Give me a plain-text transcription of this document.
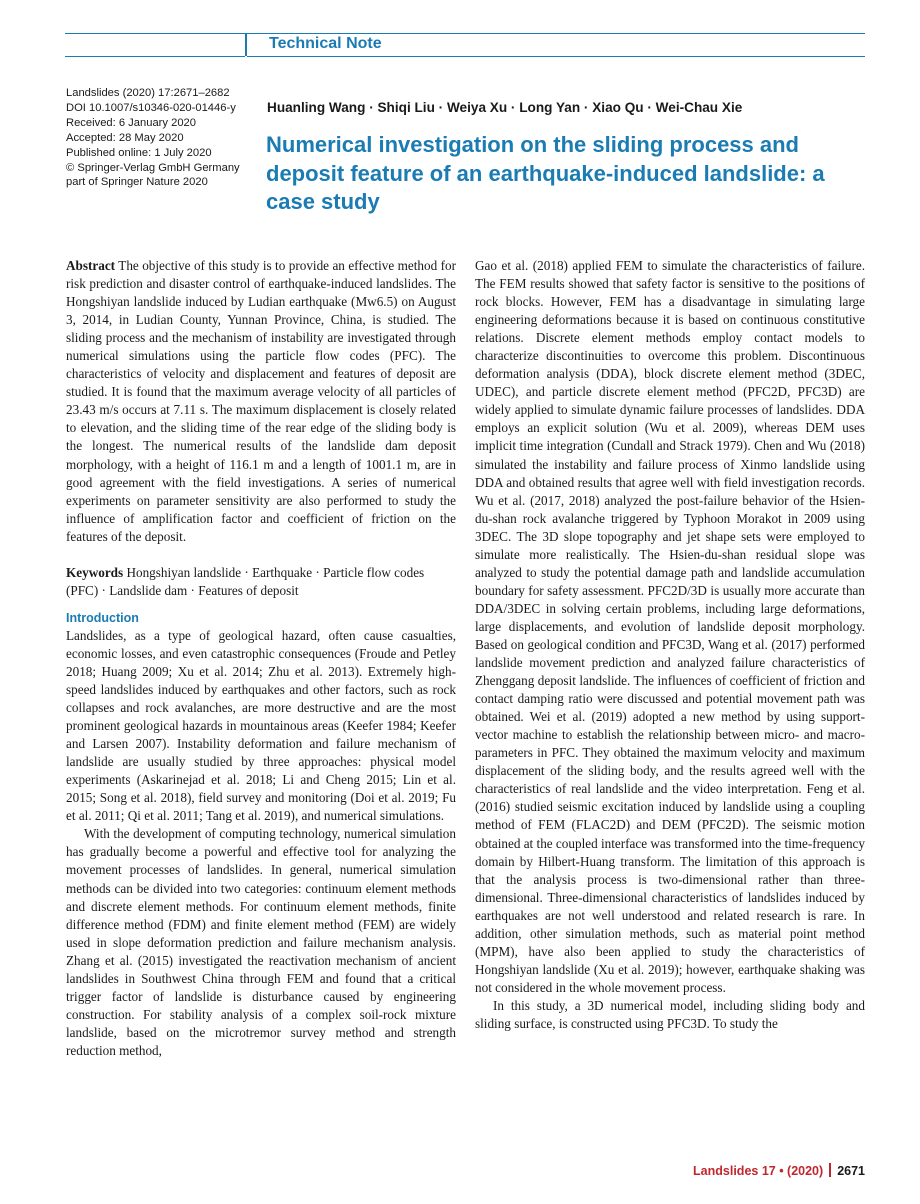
Technical Note
Landslides (2020) 17:2671–2682
DOI 10.1007/s10346-020-01446-y
Received: 6 January 2020
Accepted: 28 May 2020
Published online: 1 July 2020
© Springer-Verlag GmbH Germany
part of Springer Nature 2020
Huanling Wang · Shiqi Liu · Weiya Xu · Long Yan · Xiao Qu · Wei-Chau Xie
Numerical investigation on the sliding process and deposit feature of an earthquake-induced landslide: a case study

Abstract The objective of this study is to provide an effective method for risk prediction and disaster control of earthquake-induced landslides. The Hongshiyan landslide induced by Ludian earthquake (Mw6.5) on August 3, 2014, in Ludian County, Yunnan Province, China, is studied. The sliding process and the mechanism of instability are investigated through numerical simulations using the particle flow codes (PFC). The characteristics of velocity and displacement and features of deposit are studied. It is found that the maximum average velocity of all particles of 23.43 m/s occurs at 7.11 s. The maximum displacement is closely related to elevation, and the sliding time of the rear edge of the sliding body is the longest. The numerical results of the landslide dam deposit morphology, with a height of 116.1 m and a length of 1001.1 m, are in good agreement with the field investigations. A series of numerical experiments on parameter sensitivity are also performed to study the influence of amplification factor and coefficient of friction on the features of the deposit.

Keywords Hongshiyan landslide · Earthquake · Particle flow codes (PFC) · Landslide dam · Features of deposit

Introduction

Landslides, as a type of geological hazard, often cause casualties, economic losses, and even catastrophic consequences (Froude and Petley 2018; Huang 2009; Xu et al. 2014; Zhu et al. 2013). Extremely high-speed landslides induced by earthquakes and other factors, such as rock collapses and rock avalanches, are more destructive and are the most prominent geological hazards in mountainous areas (Keefer 1984; Keefer and Larsen 2007). Instability deformation and failure mechanism of landslide are usually studied by three approaches: physical model experiments (Askarinejad et al. 2018; Li and Cheng 2015; Lin et al. 2015; Song et al. 2018), field survey and monitoring (Doi et al. 2019; Fu et al. 2011; Qi et al. 2011; Tang et al. 2019), and numerical simulations.

With the development of computing technology, numerical simulation has gradually become a powerful and effective tool for analyzing the movement processes of landslides. In general, numerical simulation methods can be divided into two categories: continuum element methods and discrete element methods. For continuum element methods, finite difference method (FDM) and finite element method (FEM) are widely used in slope deformation prediction and failure mechanism analysis. Zhang et al. (2015) investigated the reactivation mechanism of ancient landslides in Southwest China through FEM and found that a critical trigger factor of landslide is disturbance caused by engineering construction. For stability analysis of a complex soil-rock mixture landslide, based on the microtremor survey method and strength reduction method,

Gao et al. (2018) applied FEM to simulate the characteristics of failure. The FEM results showed that safety factor is sensitive to the positions of rock blocks. However, FEM has a disadvantage in simulating large engineering deformations because it is based on continuous constitutive relations. Discrete element methods employ contact models to characterize discontinuities to overcome this problem. Discontinuous deformation analysis (DDA), block discrete element method (3DEC, UDEC), and particle discrete element method (PFC2D, PFC3D) are widely applied to simulate dynamic failure processes of landslides. DDA employs an explicit solution (Wu et al. 2009), whereas DEM uses implicit time integration (Cundall and Strack 1979). Chen and Wu (2018) simulated the instability and failure process of Xinmo landslide using DDA and obtained results that agree well with field investigation records. Wu et al. (2017, 2018) analyzed the post-failure behavior of the Hsien-du-shan rock avalanche triggered by Typhoon Morakot in 2009 using 3DEC. The 3D slope topography and jet shape sets were employed to simulate more realistically. The Hsien-du-shan residual slope was analyzed to study the potential damage path and landslide accumulation boundary for safety assessment. PFC2D/3D is usually more accurate than DDA/3DEC in solving certain problems, including large deformations, large displacements, and evolution of landslide deposit morphology. Based on geological condition and PFC3D, Wang et al. (2017) performed landslide movement prediction and analyzed failure characteristics of Zhenggang deposit landslide. The influences of coefficient of friction and contact damping ratio were discussed and potential movement path was obtained. Wei et al. (2019) adopted a new method by using support-vector machine to establish the relationship between micro- and macro-parameters in PFC. They obtained the maximum velocity and maximum displacement of the sliding body, and the results agreed well with the characteristics of real landslide and the video interpretation. Feng et al. (2016) studied seismic excitation induced by landslide using a coupling method of FEM (FLAC2D) and DEM (PFC2D). The seismic motion obtained at the coupled interface was transformed into the time-frequency domain by Hilbert-Huang transform. The limitation of this approach is that the analysis process is two-dimensional rather than three-dimensional. Three-dimensional characteristics of landslides induced by earthquakes are not well understood and related research is rare. In addition, other simulation methods, such as material point method (MPM), have also been applied to study the characteristics of Hongshiyan landslide (Xu et al. 2019); however, earthquake shaking was not considered in the whole movement process.

In this study, a 3D numerical model, including sliding body and sliding surface, is constructed using PFC3D. To study the

Landslides 17 • (2020) 2671
